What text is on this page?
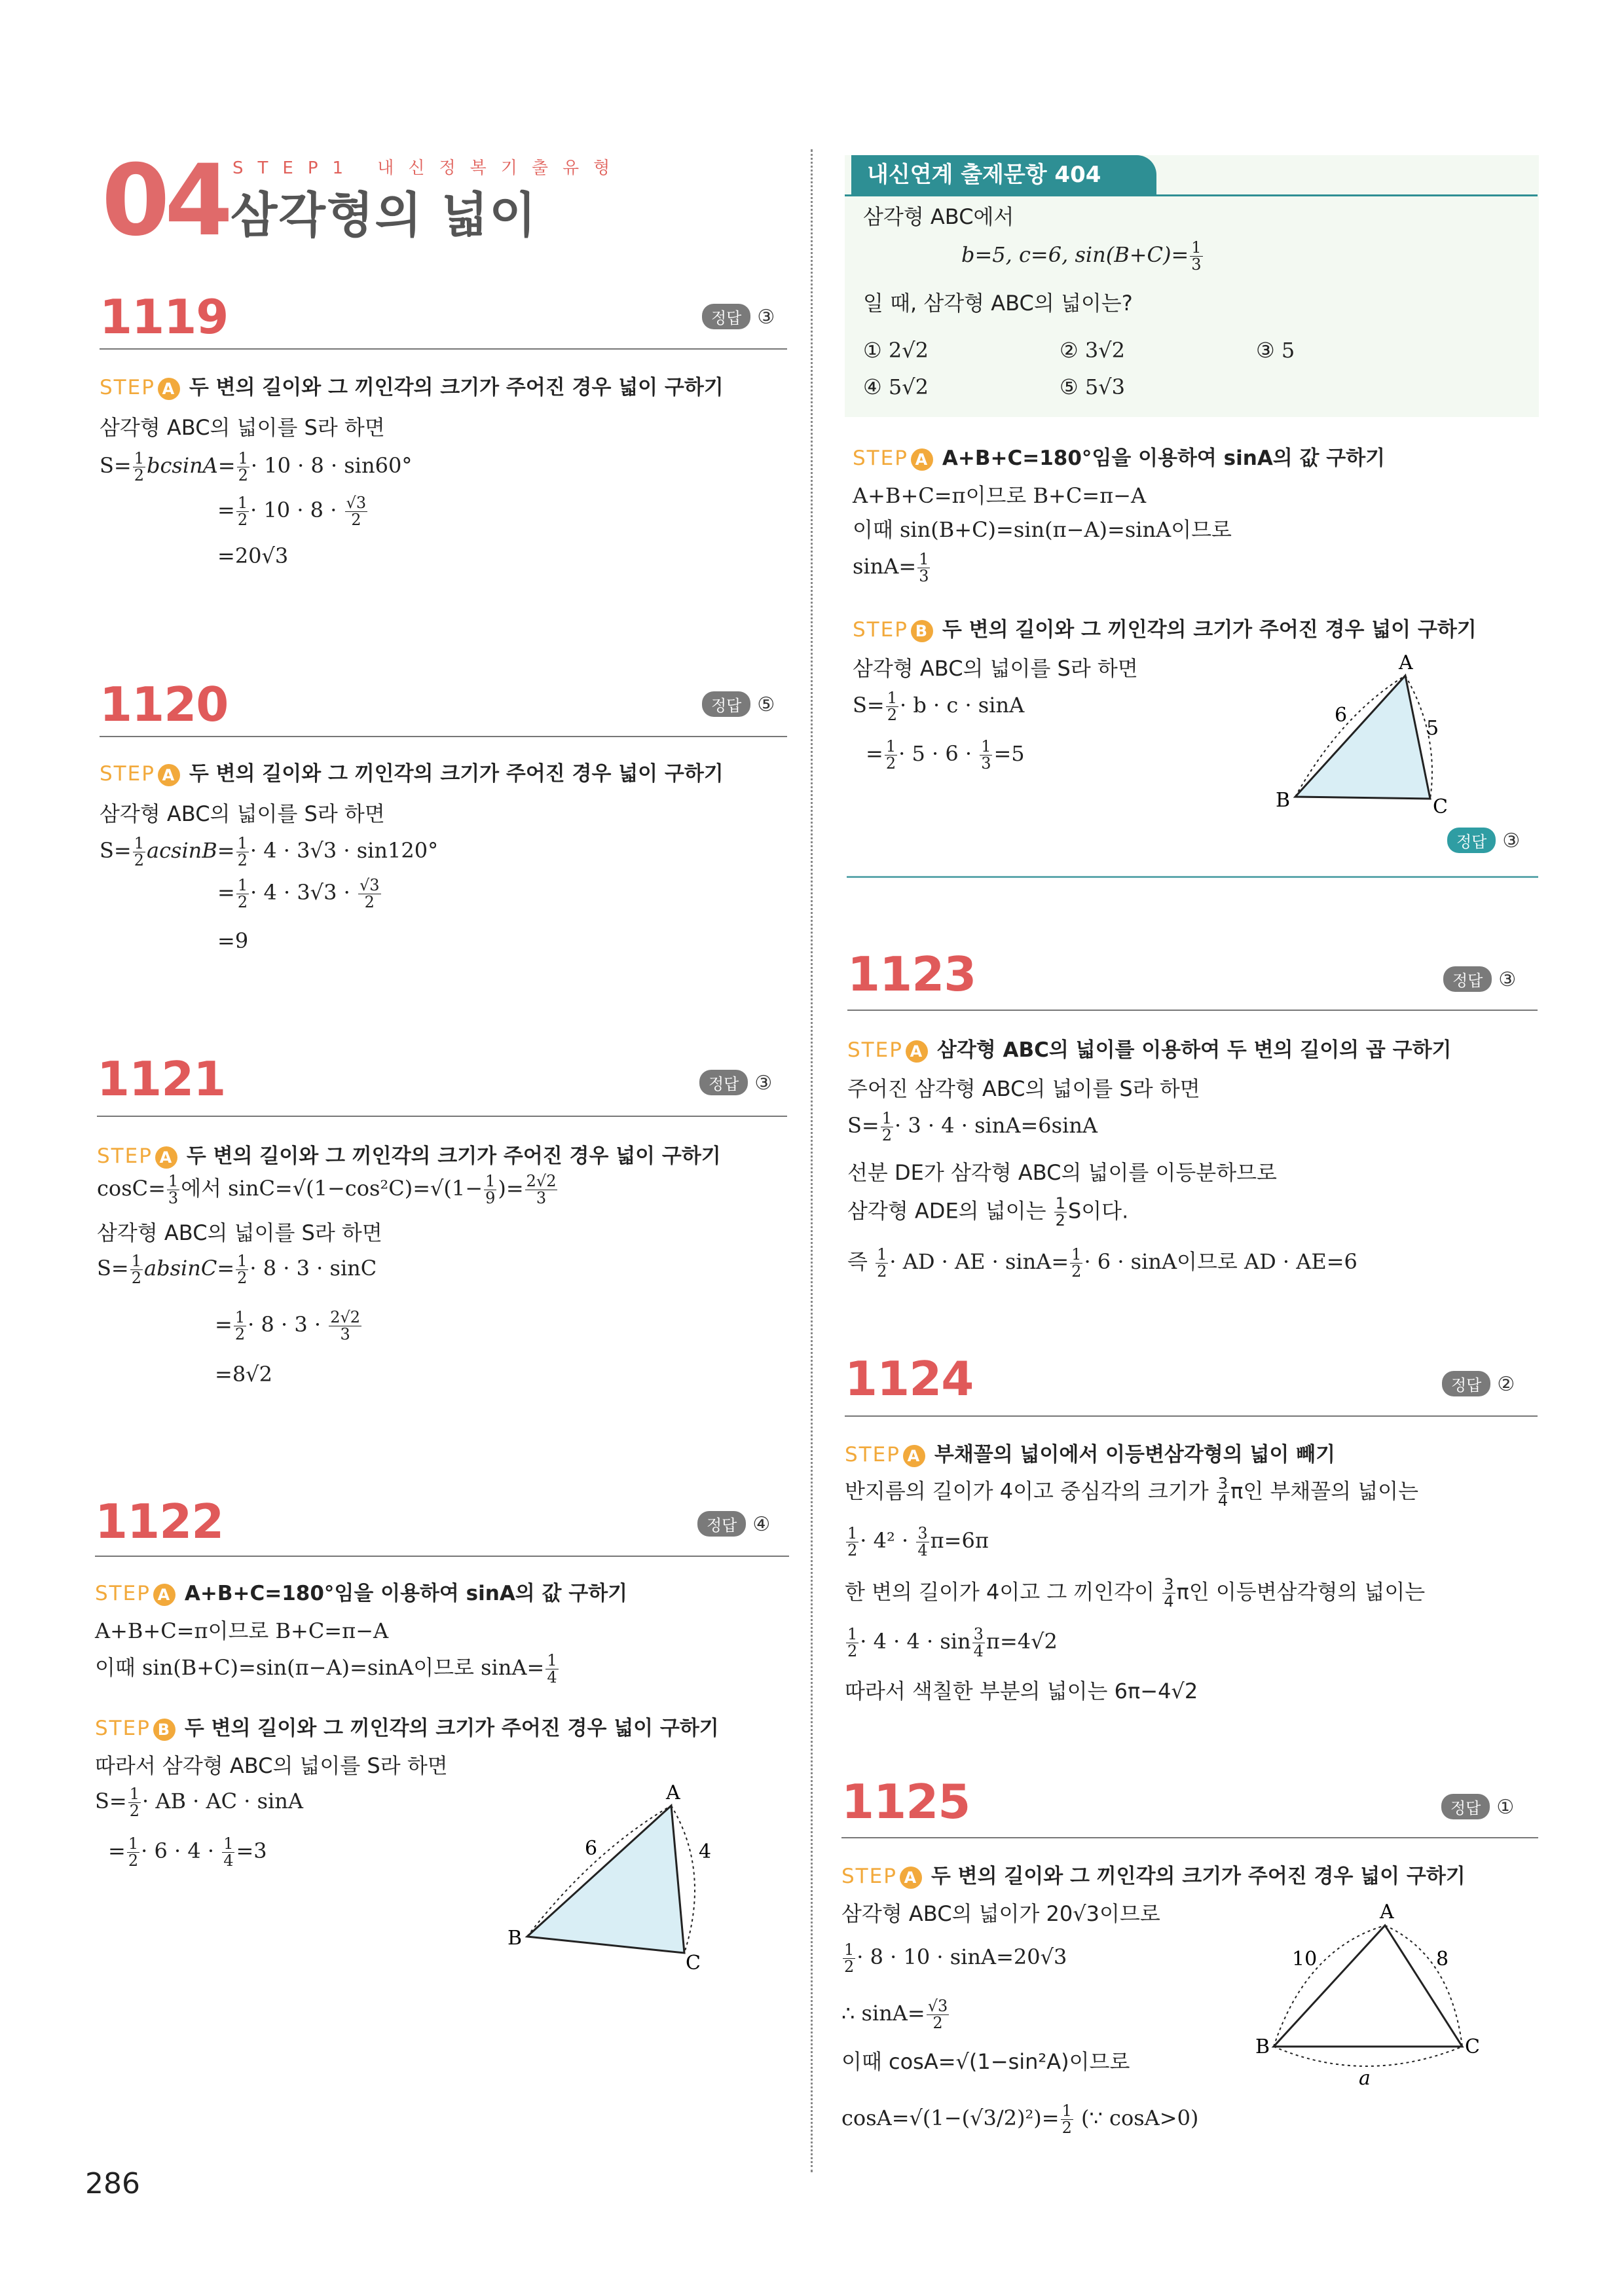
04 STEP1 내신정복기출유형
삼각형의 넓이
1119	정답 ③
STEP A 두 변의 길이와 그 끼인각의 크기가 주어진 경우 넓이 구하기
삼각형 ABC의 넓이를 S라 하면
$S= \frac{1}{2} bcsinA= \frac{1}{2} \cdot 10 \cdot 8 \cdot \sin 60^\circ$
= $\frac{1}{2} \cdot 10 \cdot 8 \cdot \frac{√3}{2}$
=20√3
1120	정답 ⑤
STEP A 두 변의 길이와 그 끼인각의 크기가 주어진 경우 넓이 구하기
삼각형 ABC의 넓이를 S라 하면
$S= \frac{1}{2} acsinB= \frac{1}{2} \cdot 4 \cdot 3√3 \cdot \sin 120^\circ$
= $\frac{1}{2} \cdot 4 \cdot 3√3 \cdot \frac{√3}{2}$
=9
1121	정답 ③
STEP A 두 변의 길이와 그 끼인각의 크기가 주어진 경우 넓이 구하기
$\cos C= \frac{1}{3}$ 에서 $\sin C=√(1-\cos^2C)=√(1- \frac{1}{9}$ )= $\frac{2√2}{3}$
삼각형 ABC의 넓이를 S라 하면
$S= \frac{1}{2} absinC= \frac{1}{2} \cdot 8 \cdot 3 \cdot \sin C$
= $\frac{1}{2} \cdot 8 \cdot 3 \cdot \frac{2√2}{3}$
=8√2
1122	정답 ④
STEP A A+B+C=180°임을 이용하여 sinA의 값 구하기
A+B+C=π이므로 B+C=π−A
이때 sin(B+C)=sin(π−A)=sinA이므로 $\sin A= \frac{1}{4}$
STEP B 두 변의 길이와 그 끼인각의 크기가 주어진 경우 넓이 구하기
따라서 삼각형 ABC의 넓이를 S라 하면
$S= \frac{1}{2}$ · AB · AC · sinA
= $\frac{1}{2} \cdot 6 \cdot 4 \cdot \frac{1}{4} =3$
A
B
C
6	4
내신연계 출제문항 404
삼각형 ABC에서
b=5, c=6, $\sin(B+C)= \frac{1}{3}$
일 때, 삼각형 ABC의 넓이는?
① 2√2	② 3√2	③ 5
④ 5√2	⑤ 5√3
STEP A A+B+C=180°임을 이용하여 sinA의 값 구하기
A+B+C=π이므로 B+C=π−A
이때 sin(B+C)=sin(π−A)=sinA이므로
$\sin A= \frac{1}{3}$
STEP B 두 변의 길이와 그 끼인각의 크기가 주어진 경우 넓이 구하기
삼각형 ABC의 넓이를 S라 하면
$S= \frac{1}{2} \cdot b \cdot c \cdot \sin A$
= $\frac{1}{2} \cdot 5 \cdot 6 \cdot \frac{1}{3} =5$
A
B	C
6
5
정답 ③
1123	정답 ③
STEP A 삼각형 ABC의 넓이를 이용하여 두 변의 길이의 곱 구하기
주어진 삼각형 ABC의 넓이를 S라 하면
$S= \frac{1}{2} \cdot 3 \cdot 4 \cdot \sin A=6\sin A$
선분 DE가 삼각형 ABC의 넓이를 이등분하므로
삼각형 ADE의 넓이는 $\frac{1}{2}$ S이다.
즉 $\frac{1}{2}$ · AD · AE · $\sin A= \frac{1}{2} \cdot 6 \cdot \sin A$이므로 AD · AE=6
1124	정답 ②
STEP A 부채꼴의 넓이에서 이등변삼각형의 넓이 빼기
반지름의 길이가 4이고 중심각의 크기가 $\frac{3}{4}$ π인 부채꼴의 넓이는
$\frac{1}{2} \cdot 4^2 \cdot \frac{3}{4} \pi=6\pi$
한 변의 길이가 4이고 그 끼인각이 $\frac{3}{4}$ π인 이등변삼각형의 넓이는
$\frac{1}{2} \cdot 4 \cdot 4 \cdot \sin \frac{3}{4} \pi=4√2$
따라서 색칠한 부분의 넓이는 6π−4√2
1125	정답 ①
STEP A 두 변의 길이와 그 끼인각의 크기가 주어진 경우 넓이 구하기
삼각형 ABC의 넓이가 20√3이므로
$\frac{1}{2} \cdot 8 \cdot 10 \cdot \sin A=20√3$
∴ $\sin A= \frac{√3}{2}$
이때 cosA=√(1−sin²A)이므로
$\cos A=√(1-(√3/2)^2)= \frac{1}{2}$ (∵ cosA>0)
A
B	C
10	8
a
286
